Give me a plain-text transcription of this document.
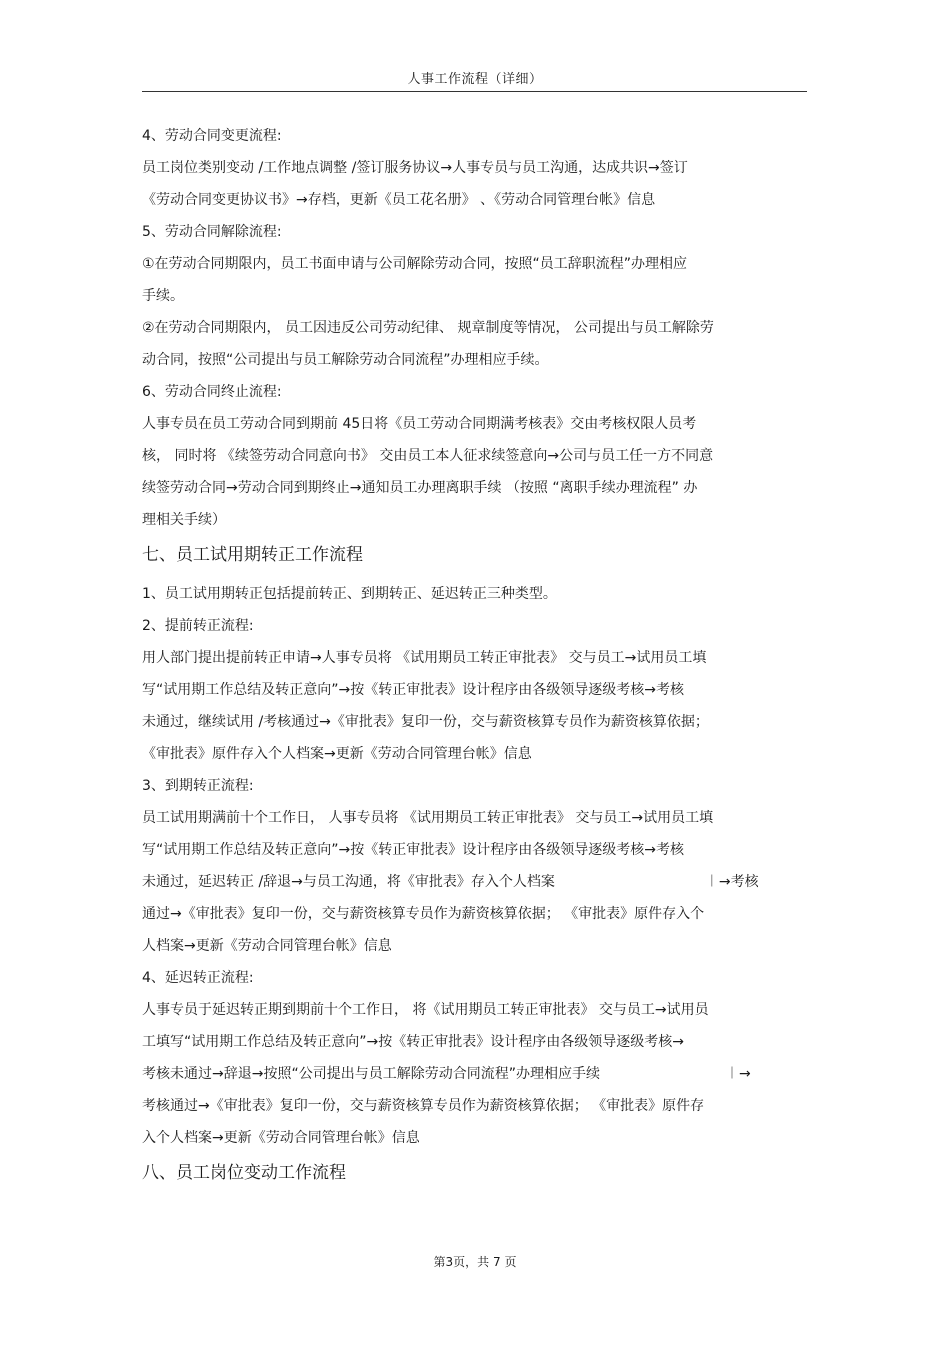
人事工作流程（详细）
4、劳动合同变更流程:
员工岗位类别变动 /工作地点调整 /签订服务协议→人事专员与员工沟通，达成共识→签订
《劳动合同变更协议书》→存档，更新《员工花名册》 、《劳动合同管理台帐》信息
5、劳动合同解除流程:
①在劳动合同期限内，员工书面申请与公司解除劳动合同，按照“员工辞职流程”办理相应
手续。
②在劳动合同期限内， 员工因违反公司劳动纪律、 规章制度等情况， 公司提出与员工解除劳
动合同，按照“公司提出与员工解除劳动合同流程”办理相应手续。
6、劳动合同终止流程:
人事专员在员工劳动合同到期前 45日将《员工劳动合同期满考核表》交由考核权限人员考
核， 同时将 《续签劳动合同意向书》 交由员工本人征求续签意向→公司与员工任一方不同意
续签劳动合同→劳动合同到期终止→通知员工办理离职手续 （按照 “离职手续办理流程” 办
理相关手续）
七、员工试用期转正工作流程
1、员工试用期转正包括提前转正、到期转正、延迟转正三种类型。
2、提前转正流程:
用人部门提出提前转正申请→人事专员将 《试用期员工转正审批表》 交与员工→试用员工填
写“试用期工作总结及转正意向”→按《转正审批表》设计程序由各级领导逐级考核→考核
未通过，继续试用 /考核通过→《审批表》复印一份，交与薪资核算专员作为薪资核算依据；
《审批表》原件存入个人档案→更新《劳动合同管理台帐》信息
3、到期转正流程:
员工试用期满前十个工作日， 人事专员将 《试用期员工转正审批表》 交与员工→试用员工填
写“试用期工作总结及转正意向”→按《转正审批表》设计程序由各级领导逐级考核→考核
未通过，延迟转正 /辞退→与员工沟通，将《审批表》存入个人档案	︱→考核
通过→《审批表》复印一份，交与薪资核算专员作为薪资核算依据； 《审批表》原件存入个
人档案→更新《劳动合同管理台帐》信息
4、延迟转正流程:
人事专员于延迟转正期到期前十个工作日， 将《试用期员工转正审批表》 交与员工→试用员
工填写“试用期工作总结及转正意向”→按《转正审批表》设计程序由各级领导逐级考核→
考核未通过→辞退→按照“公司提出与员工解除劳动合同流程”办理相应手续	︱→
考核通过→《审批表》复印一份，交与薪资核算专员作为薪资核算依据； 《审批表》原件存
入个人档案→更新《劳动合同管理台帐》信息
八、员工岗位变动工作流程
第3页，共 7 页
